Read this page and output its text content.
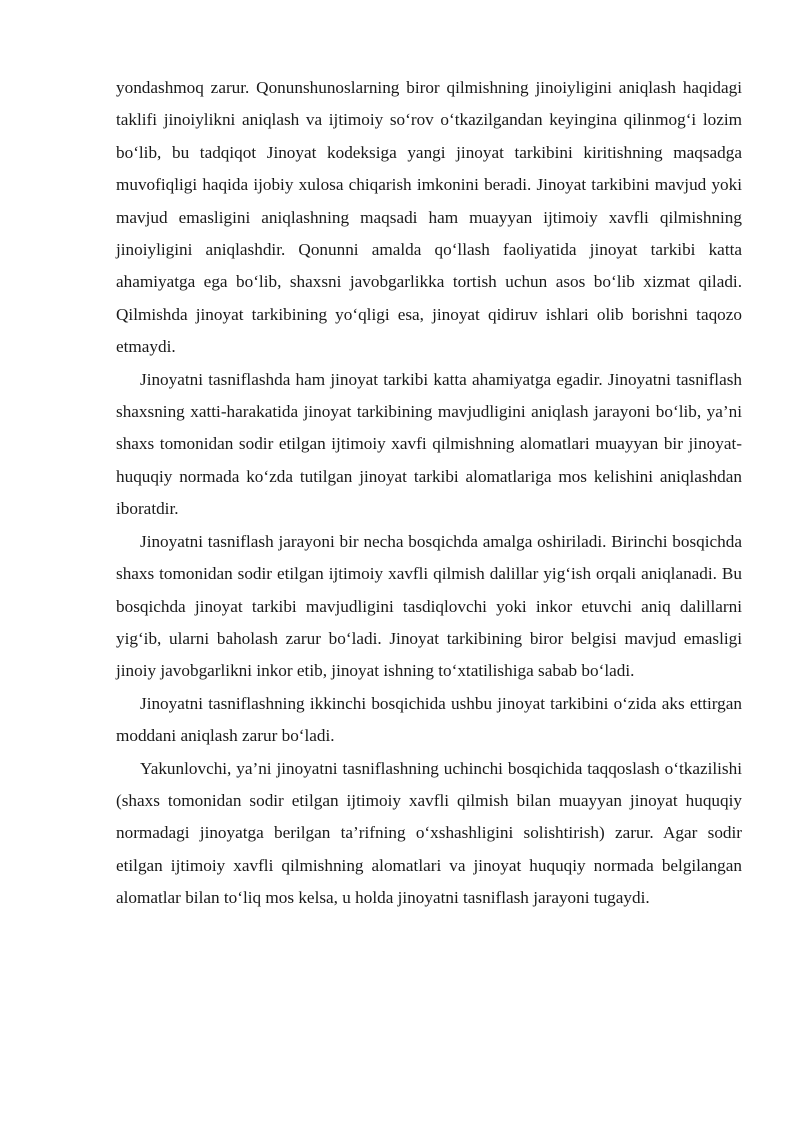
yondashmoq zarur. Qonunshunoslarning biror qilmishning jinoiyligini aniqlash haqidagi taklifi jinoiylikni aniqlash va ijtimoiy so‘rov o‘tkazilgandan keyingina qilinmog‘i lozim bo‘lib, bu tadqiqot Jinoyat kodeksiga yangi jinoyat tarkibini kiritishning maqsadga muvofiqligi haqida ijobiy xulosa chiqarish imkonini beradi. Jinoyat tarkibini mavjud yoki mavjud emasligini aniqlashning maqsadi ham muayyan ijtimoiy xavfli qilmishning jinoiyligini aniqlashdir. Qonunni amalda qo‘llash faoliyatida jinoyat tarkibi katta ahamiyatga ega bo‘lib, shaxsni javobgarlikka tortish uchun asos bo‘lib xizmat qiladi. Qilmishda jinoyat tarkibining yo‘qligi esa, jinoyat qidiruv ishlari olib borishni taqozo etmaydi.

Jinoyatni tasniflashda ham jinoyat tarkibi katta ahamiyatga egadir. Jinoyatni tasniflash shaxsning xatti-harakatida jinoyat tarkibining mavjudligini aniqlash jarayoni bo‘lib, ya’ni shaxs tomonidan sodir etilgan ijtimoiy xavfi qilmishning alomatlari muayyan bir jinoyat-huquqiy normada ko‘zda tutilgan jinoyat tarkibi alomatlariga mos kelishini aniqlashdan iboratdir.

Jinoyatni tasniflash jarayoni bir necha bosqichda amalga oshiriladi. Birinchi bosqichda shaxs tomonidan sodir etilgan ijtimoiy xavfli qilmish dalillar yig‘ish orqali aniqlanadi. Bu bosqichda jinoyat tarkibi mavjudligini tasdiqlovchi yoki inkor etuvchi aniq dalillarni yig‘ib, ularni baholash zarur bo‘ladi. Jinoyat tarkibining biror belgisi mavjud emasligi jinoiy javobgarlikni inkor etib, jinoyat ishning to‘xtatilishiga sabab bo‘ladi.

Jinoyatni tasniflashning ikkinchi bosqichida ushbu jinoyat tarkibini o‘zida aks ettirgan moddani aniqlash zarur bo‘ladi.

Yakunlovchi, ya’ni jinoyatni tasniflashning uchinchi bosqichida taqqoslash o‘tkazilishi (shaxs tomonidan sodir etilgan ijtimoiy xavfli qilmish bilan muayyan jinoyat huquqiy normadagi jinoyatga berilgan ta’rifning o‘xshashligini solishtirish) zarur. Agar sodir etilgan ijtimoiy xavfli qilmishning alomatlari va jinoyat huquqiy normada belgilangan alomatlar bilan to‘liq mos kelsa, u holda jinoyatni tasniflash jarayoni tugaydi.
